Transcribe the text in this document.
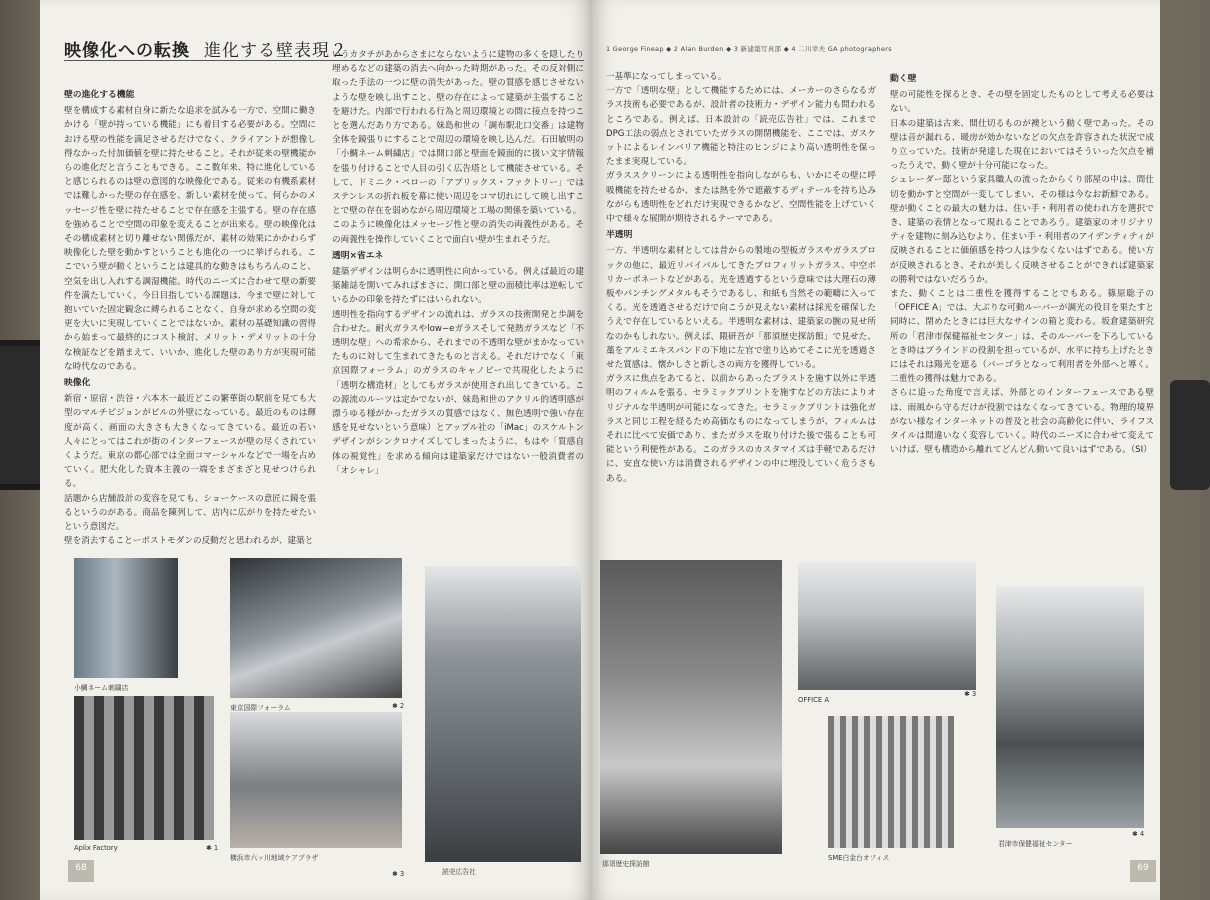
映像化への転換 進化する壁表現２
壁の進化する機能

壁を構成する素材自身に新たな追求を試みる一方で、空間に働きかける「壁が持っている機能」にも着目する必要がある。空間における壁の性能を満足させるだけでなく、クライアントが想像し得なかった付加価値を壁に持たせること。それが従来の壁機能からの進化だと言うこともできる。ここ数年来、特に進化していると感じられるのは壁の意図的な映像化である。従来の有機系素材では難しかった壁の存在感を、新しい素材を使って、何らかのメッセージ性を壁に持たせることで存在感を主張する。壁の存在感を強めることで空間の印象を変えることが出来る。壁の映像化はその構成素材と切り離せない関係だが、素材の効果にかかわらず映像化した壁を動かすということも進化の一つに挙げられる。ここでいう壁が動くということは建具的な動きはもちろんのこと、空気を出し入れする調湿機能。時代のニーズに合わせて壁の新要件を満たしていく。今日目指している課題は、今まで壁に対して抱いていた固定観念に縛られることなく、自身が求める空間の変更を大いに実現していくことではないか。素材の基礎知識の習得から始まって最終的にコスト検討、メリット・デメリットの十分な検証などを踏まえて、いいか、進化した壁のあり方が実現可能な時代なのである。

映像化

新宿・原宿・渋谷・六本木一最近どこの繁華街の駅前を見ても大型のマルチビジョンがビルの外壁になっている。最近のものは輝度が高く、画面の大きさも大きくなってきている。最近の若い人々にとってはこれが街のインターフェースが壁の尽くされていくようだ。東京の都心部では全面コマーシャルなどで一場を占めていく。肥大化した資本主義の一端をまざまざと見せつけられる。
話題から店舗設計の変容を見ても、ショーケースの意匠に鏡を張るというのがある。商品を陳列して、店内に広がりを持たせたいという意図だ。
壁を消去することーポストモダンの反動だと思われるが、建築と

いうカタチがあからさまにならないように建物の多くを隠したり埋めるなどの建築の消去へ向かった時期があった。その反対側に取った手法の一つに壁の消失があった。壁の質感を感じさせないような壁を映し出すこと、壁の存在によって建築が主張することを避けた。内部で行われる行為と周辺環境との間に接点を持つことを選んだあり方である。妹島和世の「調布駅北口交番」は建物全体を鏡張りにすることで周辺の環境を映し込んだ。石田敏明の「小鯛ネーム刺繍店」では開口部と壁面を鏡面的に扱い文字情報を張り付けることで人目の引く広告塔として機能させている。そして、ドミニク・ペローの「アプリックス・ファクトリー」ではステンレスの折れ板を幕に使い周辺をコマ切れにして映し出すことで壁の存在を弱めながら周辺環境と工場の関係を築いている。
このように映像化はメッセージ性と壁の消失の両義性がある。その両義性を操作していくことで面白い壁が生まれそうだ。

透明×省エネ

建築デザインは明らかに透明性に向かっている。例えば最近の建築雑誌を開いてみればまさに、開口部と壁の面積比率は逆転しているかの印象を持たずにはいられない。
透明性を指向するデザインの流れは、ガラスの技術開発と歩調を合わせた。耐火ガラスやlow−eガラスそして発熱ガラスなど「不透明な壁」への希求から、それまでの不透明な壁がまかなっていたものに対して生まれてきたものと言える。それだけでなく「東京国際フォーラム」のガラスのキャノピーで共現化したように「透明な構造材」としてもガラスが使用され出してきている。この源流のルーツは定かでないが、妹島和世のアクリル的透明感が漂うゆる様がかったガラスの質感ではなく、無色透明で強い存在感を見せないという意味）とアップル社の「iMac」のスケルトンデザインがシンクロナイズしてしまったように、もはや「質感自体の視覚性」を求める傾向は建築家だけではない一般消費者の「オシャレ」

小鯛ネーム刺繍店
東京国際フォーラム	✱ 2
Aplix Factory	✱ 1
横浜市六ッ川地域ケアプラザ
✱ 3	読売広告社
68
1 George Fineap ◆ 2 Alan Burden ◆ 3 新建築写真部 ◆ 4 二川幸夫 GA photographers

一基準になってしまっている。
一方で「透明な壁」として機能するためには、メーカーのさらなるガラス技術も必要であるが、設計者の技術力・デザイン能力も問われるところである。例えば、日本設計の「読売広告社」では、これまでDPG工法の弱点とされていたガラスの開閉機能を、ここでは、ガスケットによるレインバリア機能と特注のヒンジにより高い透明性を保ったまま実現している。
ガラススクリーンによる透明性を指向しながらも、いかにその壁に呼吸機能を持たせるか、または熱を外で遮蔽するディテールを持ち込みながらも透明性をどれだけ実現できるかなど、空間性能を上げていく中で様々な展開が期待されるテーマである。

半透明

一方、半透明な素材としては昔からの製地の型板ガラスやガラスブロックの他に、最近リバイバルしてきたプロフィリットガラス、中空ポリカーボネートなどがある。光を透過するという意味では大理石の薄板やパンチングメタルもそうであるし、和紙も当然その範疇に入ってくる。光を透過させるだけで向こうが見えない素材は採光を確保したうえで存在しているといえる。半透明な素材は、建築家の腕の見せ所なのかもしれない。例えば、隈研吾が「那須歴史探訪館」で見せた、藁をアルミエキスパンドの下地に左官で塗り込めてそこに光を透過させた質感は、懐かしさと新しさの両方を獲得している。
ガラスに焦点をあてると、以前からあったブラストを施す以外に半透明のフィルムを張る、セラミックプリントを施すなどの方法によりオリジナルな半透明が可能になってきた。セラミックプリントは強化ガラスと同じ工程を経るため高価なものになってしまうが、フィルムはそれに比べて安価であり、またガラスを取り付けた後で張ることも可能という利便性がある。このガラスのカスタマイズは手軽であるだけに、安直な使い方は消費されるデザインの中に埋没していく危うさもある。

動く壁

壁の可能性を探るとき、その壁を固定したものとして考える必要はない。
日本の建築は古来、間仕切るものが襖という動く壁であった。その壁は音が漏れる、暖房が効かないなどの欠点を許容された状況で成り立っていた。技術が発達した現在においてはそういった欠点を補ったうえで、動く壁が十分可能になった。
シュレーダー邸という家具職人の流ったからくり部屋の中は、間仕切を動かすと空間が一変してしまい、その様は今なお新鮮である。壁が動くことの最大の魅力は、住い手・利用者の使われ方を選択でき、建築の表情となって現れることであろう。建築家のオリジナリティを建物に刻み込むより、住まい手・利用者のアイデンティティが反映されることに価値感を持つ人は少なくないはずである。使い方が反映されるとき、それが美しく反映させることができれば建築家の勝利ではないだろうか。
また、動くことは二重性を獲得することでもある。篠原聡子の「OFFICE A」では、大ぶりな可動ルーバーが調光の役目を果たすと同時に、閉めたときには巨大なサインの箱と変わる。坂倉建築研究所の「君津市保健福祉センター」は、そのルーバーを下ろしているとき時はブラインドの役割を担っているが、水平に持ち上げたときにはそれは陽光を遮る（バーゴラとなって利用者を外部へと導く。二重性の獲得は魅力である。
さらに追った角度で言えば、外部とのインターフェースである壁は、雨風から守るだけが役割ではなくなってきている。物理的境界がない様なインターネットの普及と社会の高齢化に伴い、ライフスタイルは間違いなく変容していく。時代のニーズに合わせて変えていけば、壁も構造から離れてどんどん動いて良いはずである。（SI）

那須歴史探訪館
OFFICE A
✱ 3
SME白金台オフィス
君津市保健福祉センター
✱ 4
69
